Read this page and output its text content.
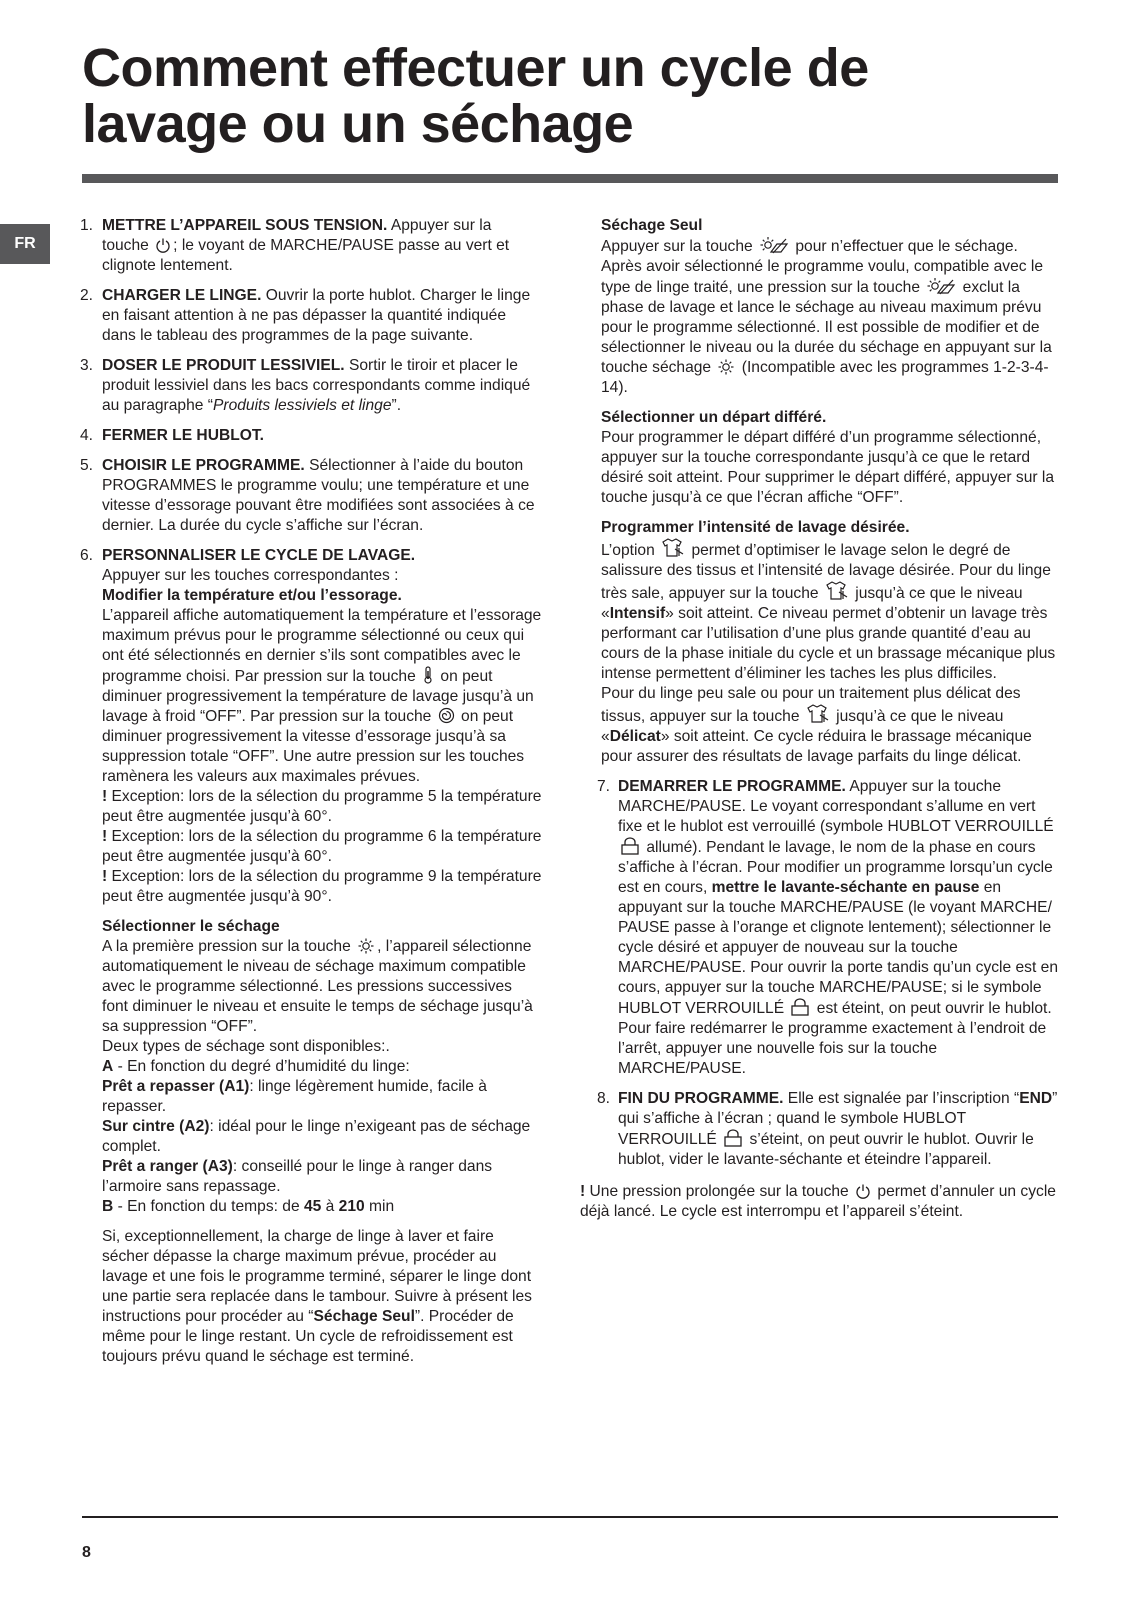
Comment effectuer un cycle de
lavage ou un séchage
FR
1. METTRE L’APPAREIL SOUS TENSION. Appuyer sur la touche
; le voyant de MARCHE/PAUSE passe au vert et clignote lentement.

2. CHARGER LE LINGE. Ouvrir la porte hublot. Charger le linge en faisant attention à ne pas dépasser la quantité indiquée dans le tableau des programmes de la page suivante.

3. DOSER LE PRODUIT LESSIVIEL. Sortir le tiroir et placer le produit lessiviel dans les bacs correspondants comme indiqué au paragraphe “Produits lessiviels et linge”.

4. FERMER LE HUBLOT.

5. CHOISIR LE PROGRAMME. Sélectionner à l’aide du bouton PROGRAMMES le programme voulu; une température et une vitesse d’essorage pouvant être modifiées sont associées à ce dernier. La durée du cycle s’affiche sur l’écran.

6. PERSONNALISER LE CYCLE DE LAVAGE.

Appuyer sur les touches correspondantes :

Modifier la température et/ou l’essorage.

L’appareil affiche automatiquement la température et l’essorage maximum prévus pour le programme sélectionné ou ceux qui ont été sélectionnés en dernier s’ils sont compatibles avec le programme choisi. Par pression sur la touche
on peut diminuer progressivement la température de lavage jusqu’à un lavage à froid “OFF”. Par pression sur la touche
on peut diminuer progressivement la vitesse d’essorage jusqu’à sa suppression totale “OFF”. Une autre pression sur les touches ramènera les valeurs aux maximales prévues.

! Exception: lors de la sélection du programme 5 la température peut être augmentée jusqu’à 60°.

! Exception: lors de la sélection du programme 6 la température peut être augmentée jusqu’à 60°.

! Exception: lors de la sélection du programme 9 la température peut être augmentée jusqu’à 90°.

Sélectionner le séchage

A la première pression sur la touche
, l’appareil sélectionne automatiquement le niveau de séchage maximum compatible avec le programme sélectionné. Les pressions successives font diminuer le niveau et ensuite le temps de séchage jusqu’à sa suppression “OFF”.

Deux types de séchage sont disponibles:.

A - En fonction du degré d’humidité du linge:

Prêt a repasser (A1): linge légèrement humide, facile à repasser.

Sur cintre (A2): idéal pour le linge n’exigeant pas de séchage complet.

Prêt a ranger (A3): conseillé pour le linge à ranger dans l’armoire sans repassage.

B - En fonction du temps: de 45 à 210 min

Si, exceptionnellement, la charge de linge à laver et faire sécher dépasse la charge maximum prévue, procéder au lavage et une fois le programme terminé, séparer le linge dont une partie sera replacée dans le tambour. Suivre à présent les instructions pour procéder au “Séchage Seul”. Procéder de même pour le linge restant. Un cycle de refroidissement est toujours prévu quand le séchage est terminé.

Séchage Seul

Appuyer sur la touche
pour n’effectuer que le séchage.

Après avoir sélectionné le programme voulu, compatible avec le type de linge traité, une pression sur la touche
exclut la phase de lavage et lance le séchage au niveau maximum prévu pour le programme sélectionné. Il est possible de modifier et de sélectionner le niveau ou la durée du séchage en appuyant sur la touche séchage
(Incompatible avec les programmes 1-2-3-4-14).

Sélectionner un départ différé.

Pour programmer le départ différé d’un programme sélectionné, appuyer sur la touche correspondante jusqu’à ce que le retard désiré soit atteint. Pour supprimer le départ différé, appuyer sur la touche jusqu’à ce que l’écran affiche “OFF”.

Programmer l’intensité de lavage désirée.

L’option
permet d’optimiser le lavage selon le degré de salissure des tissus et l’intensité de lavage désirée. Pour du linge très sale, appuyer sur la touche
jusqu’à ce que le niveau «Intensif» soit atteint. Ce niveau permet d’obtenir un lavage très performant car l’utilisation d’une plus grande quantité d’eau au cours de la phase initiale du cycle et un brassage mécanique plus intense permettent d’éliminer les taches les plus difficiles.

Pour du linge peu sale ou pour un traitement plus délicat des tissus, appuyer sur la touche
jusqu’à ce que le niveau «Délicat» soit atteint. Ce cycle réduira le brassage mécanique pour assurer des résultats de lavage parfaits du linge délicat.

7. DEMARRER LE PROGRAMME. Appuyer sur la touche MARCHE/PAUSE. Le voyant correspondant s’allume en vert fixe et le hublot est verrouillé (symbole HUBLOT VERROUILLÉ
allumé). Pendant le lavage, le nom de la phase en cours s’affiche à l’écran. Pour modifier un programme lorsqu’un cycle est en cours, mettre le lavante-séchante en pause en appuyant sur la touche MARCHE/PAUSE (le voyant MARCHE/ PAUSE passe à l’orange et clignote lentement); sélectionner le cycle désiré et appuyer de nouveau sur la touche MARCHE/PAUSE. Pour ouvrir la porte tandis qu’un cycle est en cours, appuyer sur la touche MARCHE/PAUSE; si le symbole HUBLOT VERROUILLÉ
est éteint, on peut ouvrir le hublot. Pour faire redémarrer le programme exactement à l’endroit de l’arrêt, appuyer une nouvelle fois sur la touche MARCHE/PAUSE.

8. FIN DU PROGRAMME. Elle est signalée par l’inscription “END” qui s’affiche à l’écran ; quand le symbole HUBLOT VERROUILLÉ
s’éteint, on peut ouvrir le hublot. Ouvrir le hublot, vider le lavante-séchante et éteindre l’appareil.

! Une pression prolongée sur la touche
permet d’annuler un cycle déjà lancé. Le cycle est interrompu et l’appareil s’éteint.

8
